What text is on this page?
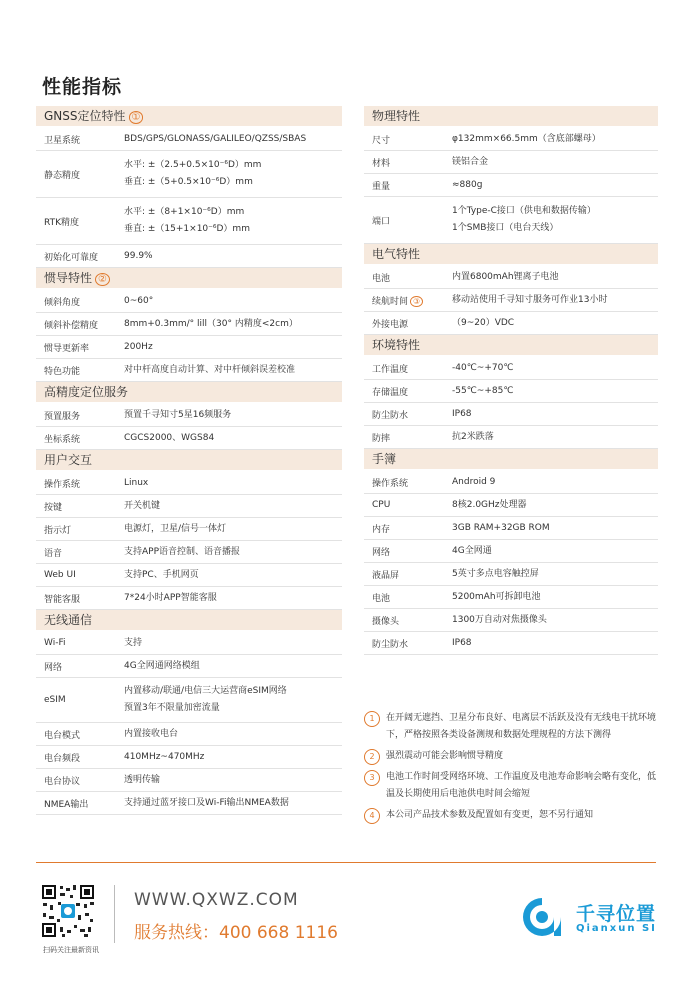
性能指标
GNSS定位特性 ①
卫星系统	BDS/GPS/GLONASS/GALILEO/QZSS/SBAS
静态精度
水平: ±（2.5+0.5×10⁻⁶D）mm
垂直: ±（5+0.5×10⁻⁶D）mm
RTK精度
水平: ±（8+1×10⁻⁶D）mm
垂直: ±（15+1×10⁻⁶D）mm
初始化可靠度	99.9%
惯导特性 ②
倾斜角度	0~60°
倾斜补偿精度	8mm+0.3mm/° lill（30° 内精度<2cm）
惯导更新率	200Hz
特色功能	对中杆高度自动计算、对中杆倾斜误差校准
高精度定位服务
预置服务	预置千寻知寸5星16频服务
坐标系统	CGCS2000、WGS84
用户交互
操作系统	Linux
按键	开关机键
指示灯	电源灯，卫星/信号一体灯
语音	支持APP语音控制、语音播报
Web UI	支持PC、手机网页
智能客服	7*24小时APP智能客服
无线通信
Wi-Fi	支持
网络	4G全网通网络模组
eSIM
内置移动/联通/电信三大运营商eSIM网络
预置3年不限量加密流量
电台模式	内置接收电台
电台频段	410MHz~470MHz
电台协议	透明传输
NMEA输出	支持通过蓝牙接口及Wi-Fi输出NMEA数据
物理特性
尺寸	φ132mm×66.5mm（含底部螺母）
材料	镁铝合金
重量	≈880g
端口
1个Type-C接口（供电和数据传输）
1个SMB接口（电台天线）
电气特性
电池	内置6800mAh锂离子电池
续航时间 ③	移动站使用千寻知寸服务可作业13小时
外接电源	（9~20）VDC
环境特性
工作温度	-40℃~+70℃
存储温度	-55℃~+85℃
防尘防水	IP68
防摔	抗2米跌落
手簿
操作系统	Android 9
CPU	8核2.0GHz处理器
内存	3GB RAM+32GB ROM
网络	4G全网通
液晶屏	5英寸多点电容触控屏
电池	5200mAh可拆卸电池
摄像头	1300万自动对焦摄像头
防尘防水	IP68
1	在开阔无遮挡、卫星分布良好、电离层不活跃及没有无线电干扰环境下，严格按照各类设备测规和数据处理规程的方法下测得
2	强烈震动可能会影响惯导精度
3	电池工作时间受网络环境、工作温度及电池寿命影响会略有变化，低温及长期使用后电池供电时间会缩短
4	本公司产品技术参数及配置如有变更，恕不另行通知
扫码关注最新资讯
WWW.QXWZ.COM
服务热线：400 668 1116
千寻位置
Qianxun SI
